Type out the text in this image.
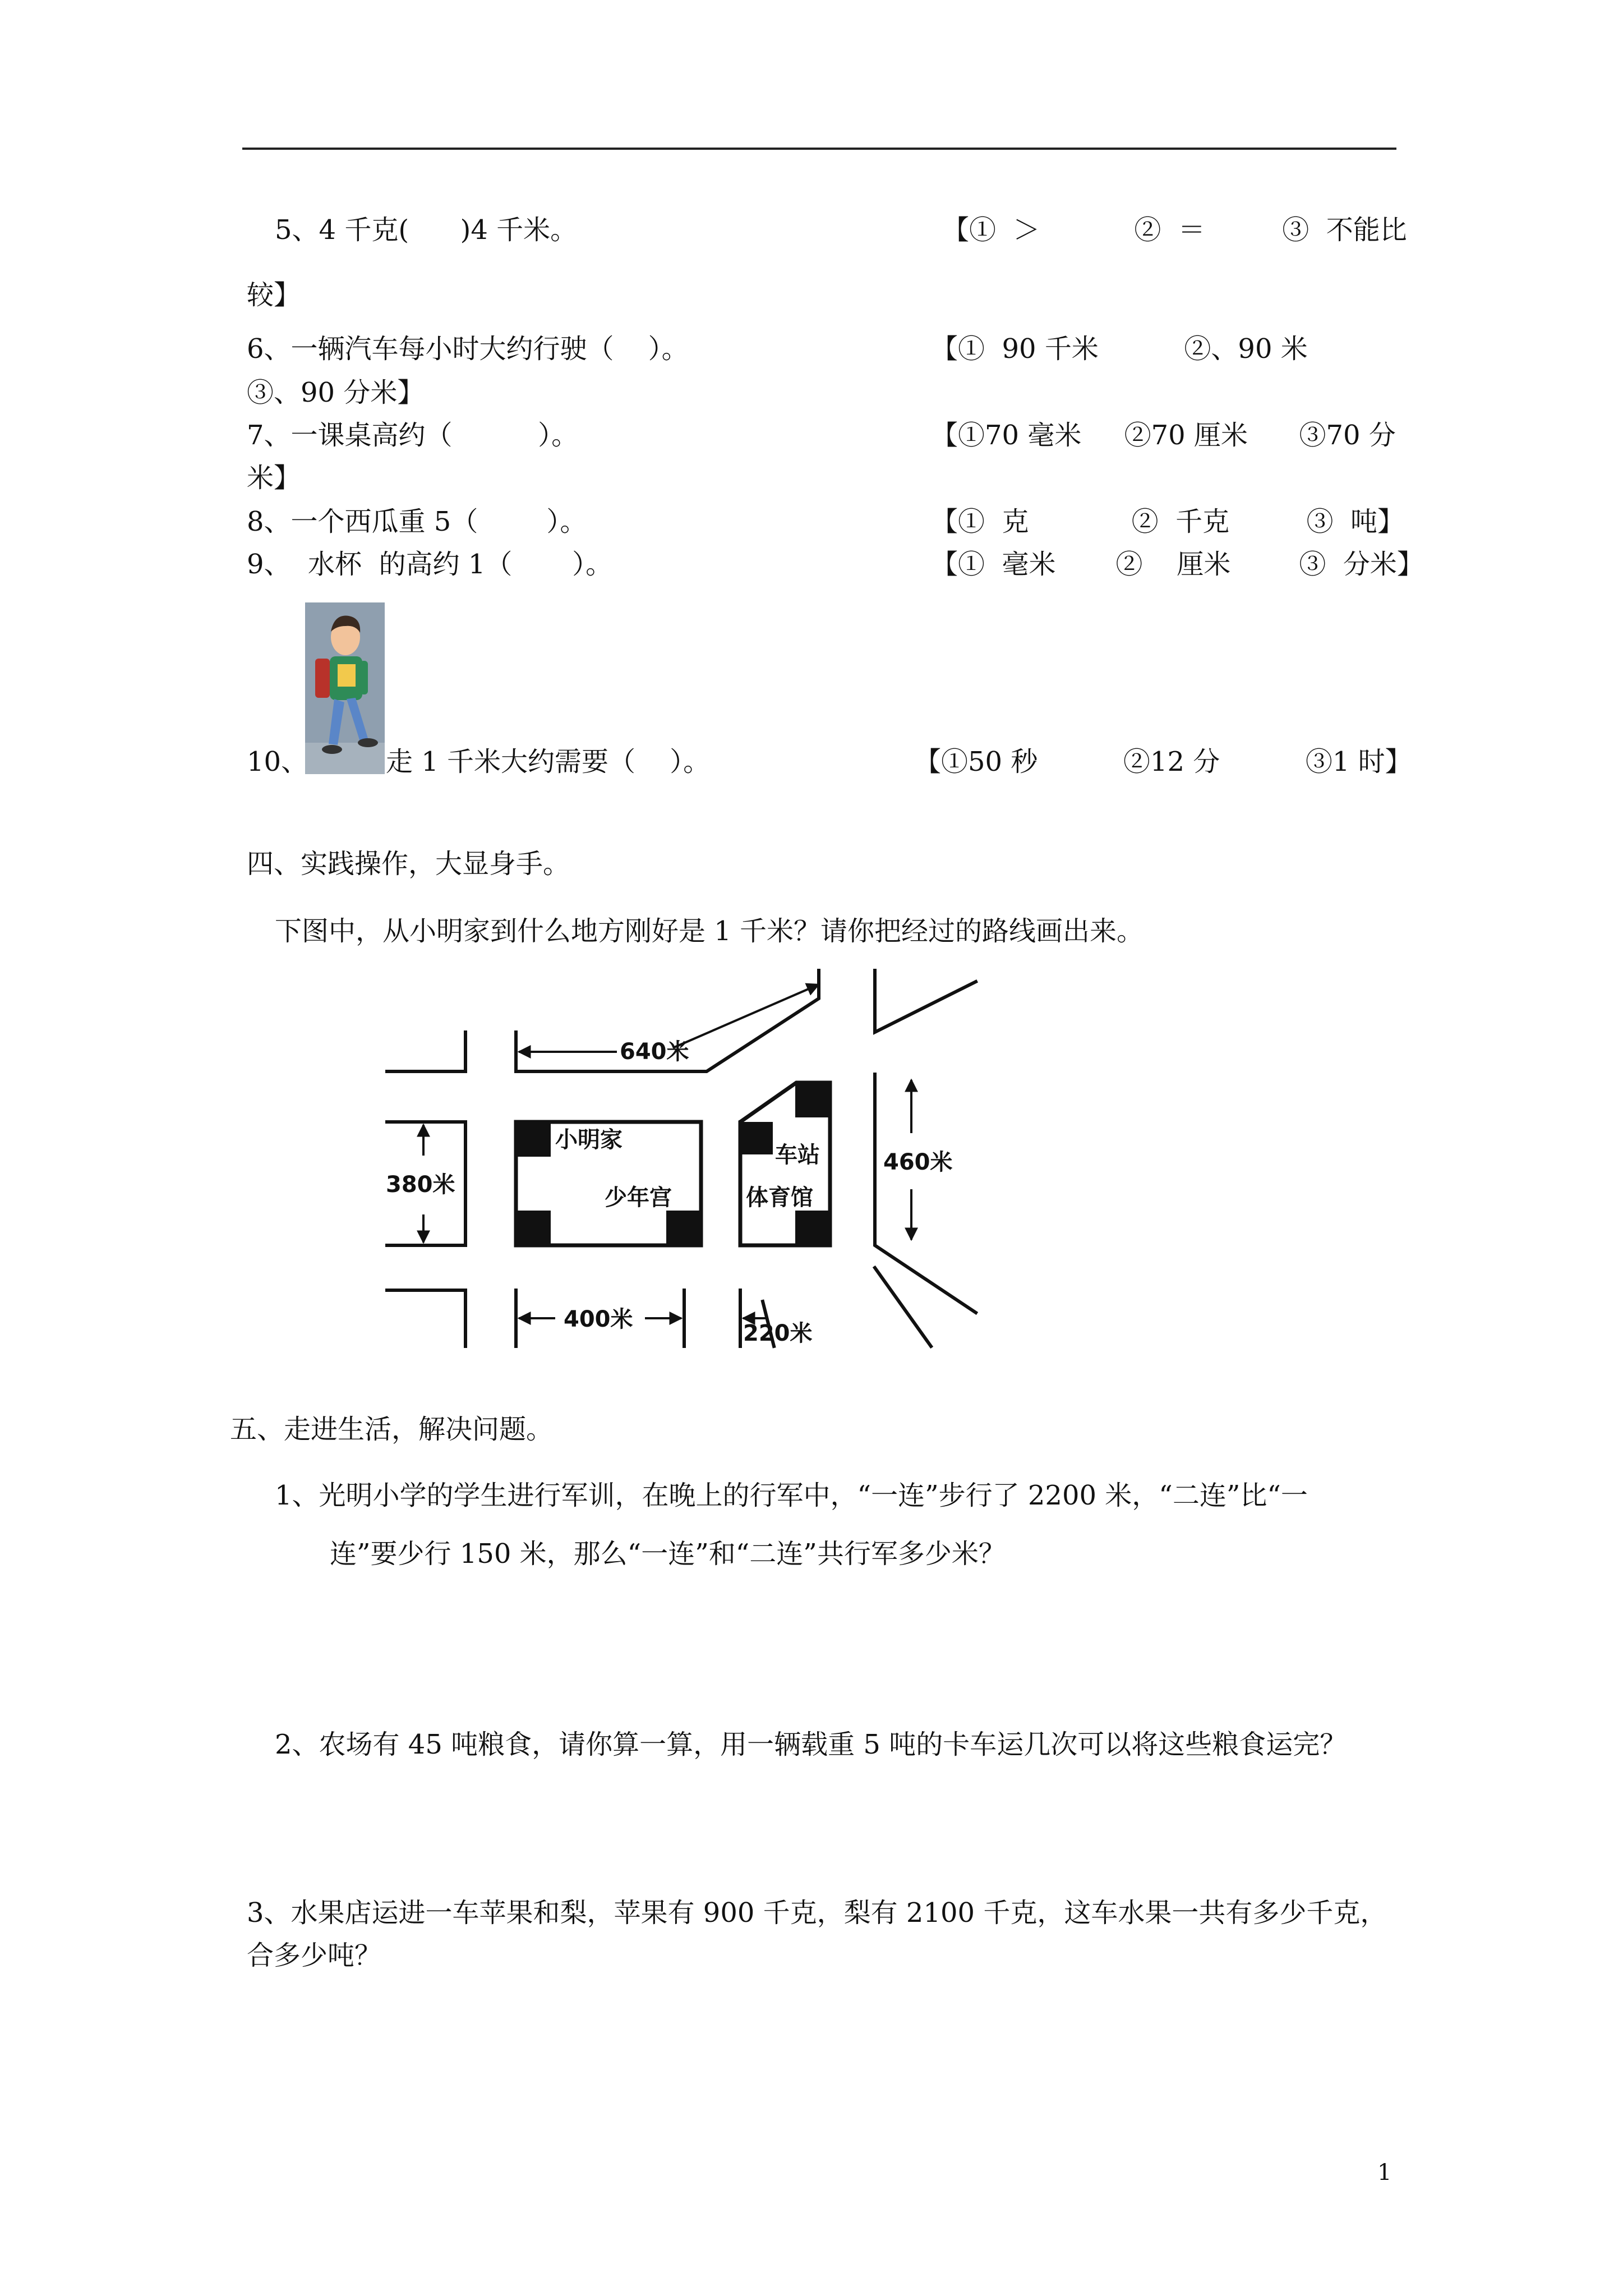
5、4 千克(      )4 千米。	【①  ＞           ②  ＝         ③  不能比
较】
6、一辆汽车每小时大约行驶（    ）。	【①  90 千米          ②、90 米
③、90 分米】
7、一课桌高约（          ）。	【①70 毫米     ②70 厘米      ③70 分
米】
8、一个西瓜重 5（        ）。	【①  克            ②  千克         ③  吨】
9、  水杯  的高约 1（       ）。	【①  毫米       ②    厘米        ③  分米】
10、	走 1 千米大约需要（    ）。	【①50 秒          ②12 分          ③1 时】
四、实践操作，大显身手。
下图中，从小明家到什么地方刚好是 1 千米？请你把经过的路线画出来。
640米
380米
460米
400米
220米
小明家
少年宫
车站
体育馆
五、走进生活，解决问题。
1、光明小学的学生进行军训，在晚上的行军中，“一连”步行了 2200 米，“二连”比“一
连”要少行 150 米，那么“一连”和“二连”共行军多少米？
2、农场有 45 吨粮食，请你算一算，用一辆载重 5 吨的卡车运几次可以将这些粮食运完？
3、水果店运进一车苹果和梨，苹果有 900 千克，梨有 2100 千克，这车水果一共有多少千克，
合多少吨？
1
